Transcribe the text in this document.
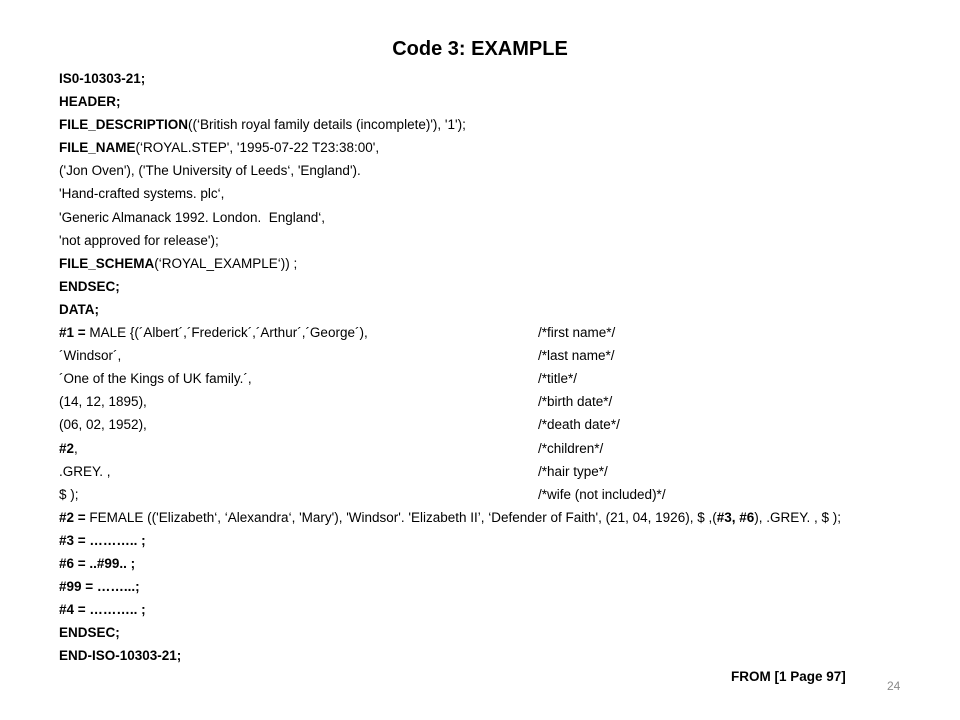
Code 3: EXAMPLE
IS0-10303-21;
HEADER;
FILE_DESCRIPTION((‘British royal family details (incomplete)'), '1');
FILE_NAME(‘ROYAL.STEP', '1995-07-22 T23:38:00',
('Jon Oven'), ('The University of Leeds‘, 'England').
'Hand-crafted systems. plc‘,
'Generic Almanack 1992. London.  England‘,
'not approved for release');
FILE_SCHEMA(‘ROYAL_EXAMPLE‘)) ;
ENDSEC;
DATA;
#1 = MALE {(´Albert´,´Frederick´,´Arthur´,´George´),	/*first name*/
´Windsor´,	/*last name*/
´One of the Kings of UK family.´,	/*title*/
(14, 12, 1895),	/*birth date*/
(06, 02, 1952),	/*death date*/
#2,	/*children*/
.GREY. ,	/*hair type*/
$ );	/*wife (not included)*/
#2 = FEMALE (('Elizabeth‘, ‘Alexandra‘, 'Mary'), 'Windsor'. 'Elizabeth II’, ‘Defender of Faith', (21, 04, 1926), $ ,(#3, #6), .GREY. , $ );
#3 = ……….. ;
#6 = ..#99.. ;
#99 = ……...;
#4 = ……….. ;
ENDSEC;
END-ISO-10303-21;
FROM [1 Page 97]
24
